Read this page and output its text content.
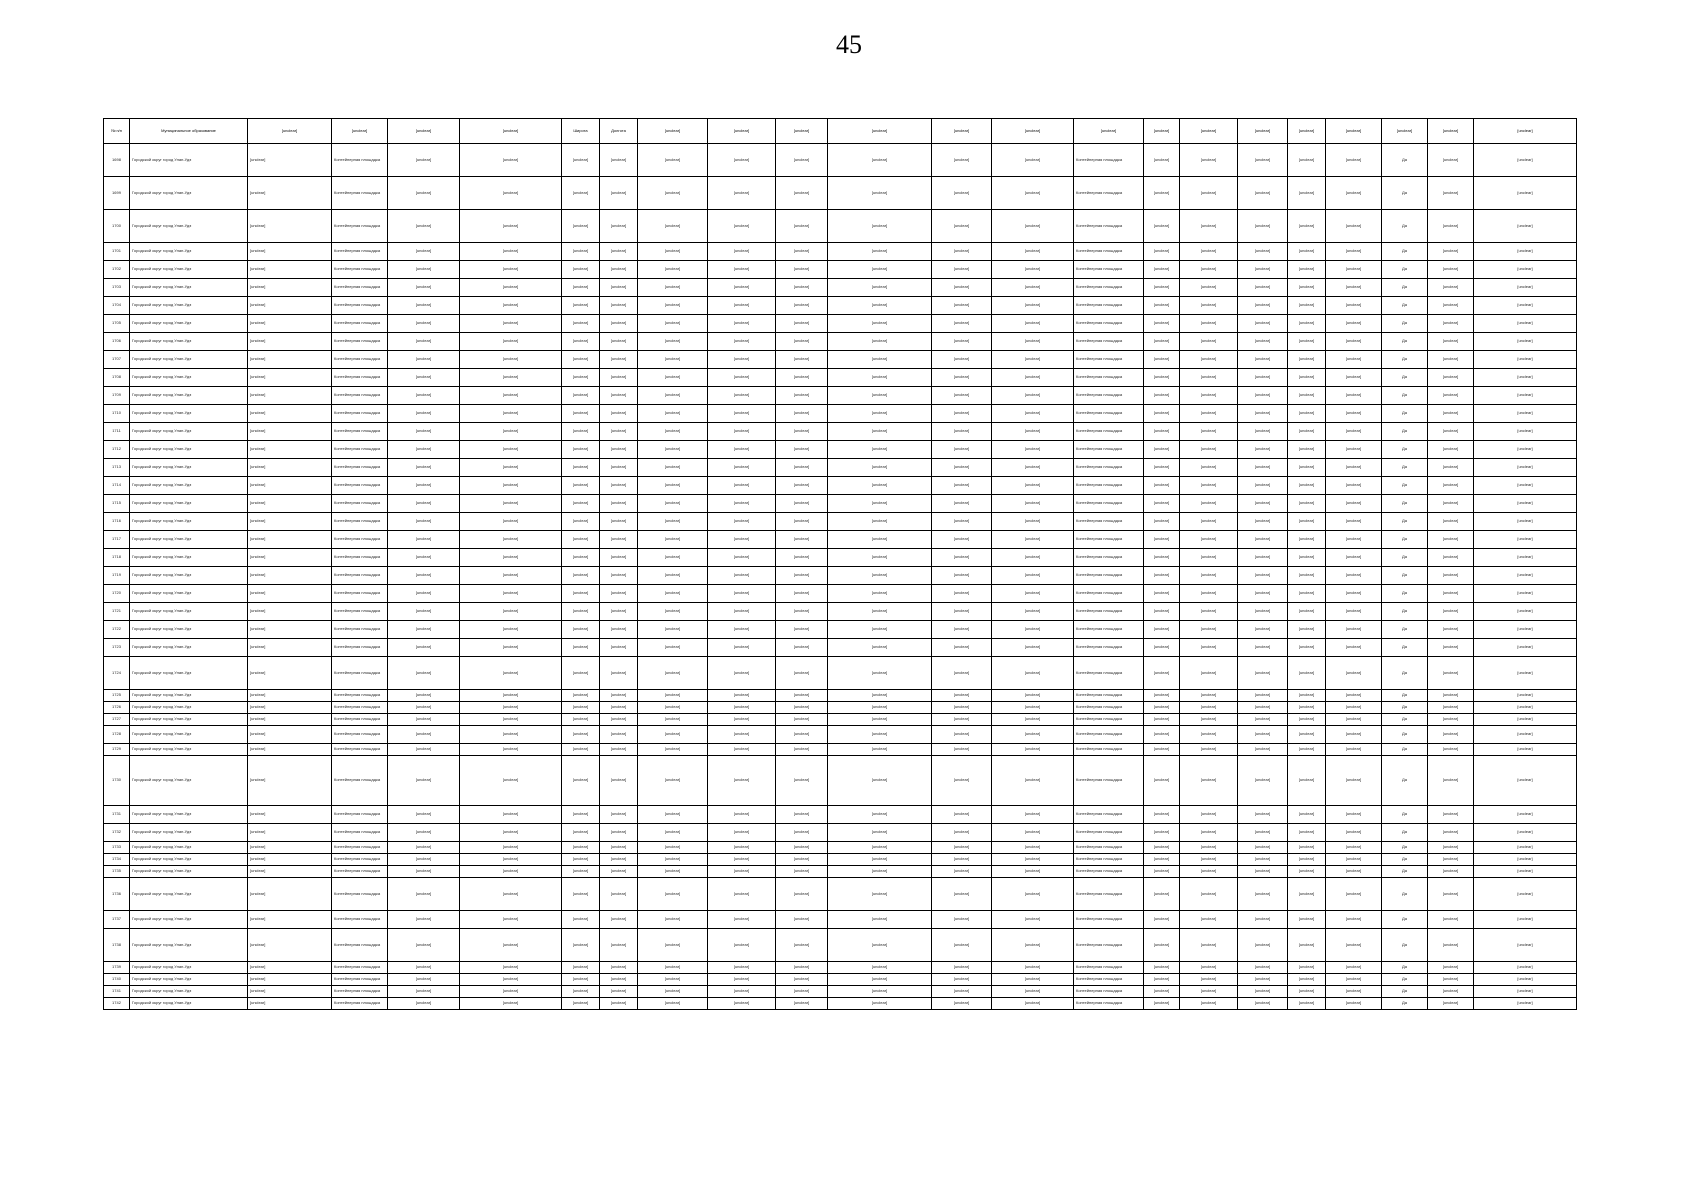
45
№ п/п	Муниципальное образование	[unclear]	[unclear]	[unclear]	[unclear]	Широта	Долгота	[unclear]	[unclear]	[unclear]	[unclear]	[unclear]	[unclear]	[unclear]	[unclear]	[unclear]	[unclear]	[unclear]	[unclear]	[unclear]	[unclear]	[unclear]	
1698	Городской округ город Улан-Удэ	[unclear]	Контейнерная площадка	[unclear]	[unclear]	[unclear]	[unclear]	[unclear]	[unclear]	[unclear]	[unclear]	[unclear]	[unclear]	Контейнерная площадка	[unclear]	[unclear]	[unclear]	[unclear]	[unclear]	Да	[unclear]	[unclear]	
1699	Городской округ город Улан-Удэ	[unclear]	Контейнерная площадка	[unclear]	[unclear]	[unclear]	[unclear]	[unclear]	[unclear]	[unclear]	[unclear]	[unclear]	[unclear]	Контейнерная площадка	[unclear]	[unclear]	[unclear]	[unclear]	[unclear]	Да	[unclear]	[unclear]	
1700	Городской округ город Улан-Удэ	[unclear]	Контейнерная площадка	[unclear]	[unclear]	[unclear]	[unclear]	[unclear]	[unclear]	[unclear]	[unclear]	[unclear]	[unclear]	Контейнерная площадка	[unclear]	[unclear]	[unclear]	[unclear]	[unclear]	Да	[unclear]	[unclear]	
1701	Городской округ город Улан-Удэ	[unclear]	Контейнерная площадка	[unclear]	[unclear]	[unclear]	[unclear]	[unclear]	[unclear]	[unclear]	[unclear]	[unclear]	[unclear]	Контейнерная площадка	[unclear]	[unclear]	[unclear]	[unclear]	[unclear]	Да	[unclear]	[unclear]	
1702	Городской округ город Улан-Удэ	[unclear]	Контейнерная площадка	[unclear]	[unclear]	[unclear]	[unclear]	[unclear]	[unclear]	[unclear]	[unclear]	[unclear]	[unclear]	Контейнерная площадка	[unclear]	[unclear]	[unclear]	[unclear]	[unclear]	Да	[unclear]	[unclear]	
1703	Городской округ город Улан-Удэ	[unclear]	Контейнерная площадка	[unclear]	[unclear]	[unclear]	[unclear]	[unclear]	[unclear]	[unclear]	[unclear]	[unclear]	[unclear]	Контейнерная площадка	[unclear]	[unclear]	[unclear]	[unclear]	[unclear]	Да	[unclear]	[unclear]	
1704	Городской округ город Улан-Удэ	[unclear]	Контейнерная площадка	[unclear]	[unclear]	[unclear]	[unclear]	[unclear]	[unclear]	[unclear]	[unclear]	[unclear]	[unclear]	Контейнерная площадка	[unclear]	[unclear]	[unclear]	[unclear]	[unclear]	Да	[unclear]	[unclear]	
1705	Городской округ город Улан-Удэ	[unclear]	Контейнерная площадка	[unclear]	[unclear]	[unclear]	[unclear]	[unclear]	[unclear]	[unclear]	[unclear]	[unclear]	[unclear]	Контейнерная площадка	[unclear]	[unclear]	[unclear]	[unclear]	[unclear]	Да	[unclear]	[unclear]	
1706	Городской округ город Улан-Удэ	[unclear]	Контейнерная площадка	[unclear]	[unclear]	[unclear]	[unclear]	[unclear]	[unclear]	[unclear]	[unclear]	[unclear]	[unclear]	Контейнерная площадка	[unclear]	[unclear]	[unclear]	[unclear]	[unclear]	Да	[unclear]	[unclear]	
1707	Городской округ город Улан-Удэ	[unclear]	Контейнерная площадка	[unclear]	[unclear]	[unclear]	[unclear]	[unclear]	[unclear]	[unclear]	[unclear]	[unclear]	[unclear]	Контейнерная площадка	[unclear]	[unclear]	[unclear]	[unclear]	[unclear]	Да	[unclear]	[unclear]	
1708	Городской округ город Улан-Удэ	[unclear]	Контейнерная площадка	[unclear]	[unclear]	[unclear]	[unclear]	[unclear]	[unclear]	[unclear]	[unclear]	[unclear]	[unclear]	Контейнерная площадка	[unclear]	[unclear]	[unclear]	[unclear]	[unclear]	Да	[unclear]	[unclear]	
1709	Городской округ город Улан-Удэ	[unclear]	Контейнерная площадка	[unclear]	[unclear]	[unclear]	[unclear]	[unclear]	[unclear]	[unclear]	[unclear]	[unclear]	[unclear]	Контейнерная площадка	[unclear]	[unclear]	[unclear]	[unclear]	[unclear]	Да	[unclear]	[unclear]	
1710	Городской округ город Улан-Удэ	[unclear]	Контейнерная площадка	[unclear]	[unclear]	[unclear]	[unclear]	[unclear]	[unclear]	[unclear]	[unclear]	[unclear]	[unclear]	Контейнерная площадка	[unclear]	[unclear]	[unclear]	[unclear]	[unclear]	Да	[unclear]	[unclear]	
1711	Городской округ город Улан-Удэ	[unclear]	Контейнерная площадка	[unclear]	[unclear]	[unclear]	[unclear]	[unclear]	[unclear]	[unclear]	[unclear]	[unclear]	[unclear]	Контейнерная площадка	[unclear]	[unclear]	[unclear]	[unclear]	[unclear]	Да	[unclear]	[unclear]	
1712	Городской округ город Улан-Удэ	[unclear]	Контейнерная площадка	[unclear]	[unclear]	[unclear]	[unclear]	[unclear]	[unclear]	[unclear]	[unclear]	[unclear]	[unclear]	Контейнерная площадка	[unclear]	[unclear]	[unclear]	[unclear]	[unclear]	Да	[unclear]	[unclear]	
1713	Городской округ город Улан-Удэ	[unclear]	Контейнерная площадка	[unclear]	[unclear]	[unclear]	[unclear]	[unclear]	[unclear]	[unclear]	[unclear]	[unclear]	[unclear]	Контейнерная площадка	[unclear]	[unclear]	[unclear]	[unclear]	[unclear]	Да	[unclear]	[unclear]	
1714	Городской округ город Улан-Удэ	[unclear]	Контейнерная площадка	[unclear]	[unclear]	[unclear]	[unclear]	[unclear]	[unclear]	[unclear]	[unclear]	[unclear]	[unclear]	Контейнерная площадка	[unclear]	[unclear]	[unclear]	[unclear]	[unclear]	Да	[unclear]	[unclear]	
1715	Городской округ город Улан-Удэ	[unclear]	Контейнерная площадка	[unclear]	[unclear]	[unclear]	[unclear]	[unclear]	[unclear]	[unclear]	[unclear]	[unclear]	[unclear]	Контейнерная площадка	[unclear]	[unclear]	[unclear]	[unclear]	[unclear]	Да	[unclear]	[unclear]	
1716	Городской округ город Улан-Удэ	[unclear]	Контейнерная площадка	[unclear]	[unclear]	[unclear]	[unclear]	[unclear]	[unclear]	[unclear]	[unclear]	[unclear]	[unclear]	Контейнерная площадка	[unclear]	[unclear]	[unclear]	[unclear]	[unclear]	Да	[unclear]	[unclear]	
1717	Городской округ город Улан-Удэ	[unclear]	Контейнерная площадка	[unclear]	[unclear]	[unclear]	[unclear]	[unclear]	[unclear]	[unclear]	[unclear]	[unclear]	[unclear]	Контейнерная площадка	[unclear]	[unclear]	[unclear]	[unclear]	[unclear]	Да	[unclear]	[unclear]	
1718	Городской округ город Улан-Удэ	[unclear]	Контейнерная площадка	[unclear]	[unclear]	[unclear]	[unclear]	[unclear]	[unclear]	[unclear]	[unclear]	[unclear]	[unclear]	Контейнерная площадка	[unclear]	[unclear]	[unclear]	[unclear]	[unclear]	Да	[unclear]	[unclear]	
1719	Городской округ город Улан-Удэ	[unclear]	Контейнерная площадка	[unclear]	[unclear]	[unclear]	[unclear]	[unclear]	[unclear]	[unclear]	[unclear]	[unclear]	[unclear]	Контейнерная площадка	[unclear]	[unclear]	[unclear]	[unclear]	[unclear]	Да	[unclear]	[unclear]	
1720	Городской округ город Улан-Удэ	[unclear]	Контейнерная площадка	[unclear]	[unclear]	[unclear]	[unclear]	[unclear]	[unclear]	[unclear]	[unclear]	[unclear]	[unclear]	Контейнерная площадка	[unclear]	[unclear]	[unclear]	[unclear]	[unclear]	Да	[unclear]	[unclear]	
1721	Городской округ город Улан-Удэ	[unclear]	Контейнерная площадка	[unclear]	[unclear]	[unclear]	[unclear]	[unclear]	[unclear]	[unclear]	[unclear]	[unclear]	[unclear]	Контейнерная площадка	[unclear]	[unclear]	[unclear]	[unclear]	[unclear]	Да	[unclear]	[unclear]	
1722	Городской округ город Улан-Удэ	[unclear]	Контейнерная площадка	[unclear]	[unclear]	[unclear]	[unclear]	[unclear]	[unclear]	[unclear]	[unclear]	[unclear]	[unclear]	Контейнерная площадка	[unclear]	[unclear]	[unclear]	[unclear]	[unclear]	Да	[unclear]	[unclear]	
1723	Городской округ город Улан-Удэ	[unclear]	Контейнерная площадка	[unclear]	[unclear]	[unclear]	[unclear]	[unclear]	[unclear]	[unclear]	[unclear]	[unclear]	[unclear]	Контейнерная площадка	[unclear]	[unclear]	[unclear]	[unclear]	[unclear]	Да	[unclear]	[unclear]	
1724	Городской округ город Улан-Удэ	[unclear]	Контейнерная площадка	[unclear]	[unclear]	[unclear]	[unclear]	[unclear]	[unclear]	[unclear]	[unclear]	[unclear]	[unclear]	Контейнерная площадка	[unclear]	[unclear]	[unclear]	[unclear]	[unclear]	Да	[unclear]	[unclear]	
1725	Городской округ город Улан-Удэ	[unclear]	Контейнерная площадка	[unclear]	[unclear]	[unclear]	[unclear]	[unclear]	[unclear]	[unclear]	[unclear]	[unclear]	[unclear]	Контейнерная площадка	[unclear]	[unclear]	[unclear]	[unclear]	[unclear]	Да	[unclear]	[unclear]	
1726	Городской округ город Улан-Удэ	[unclear]	Контейнерная площадка	[unclear]	[unclear]	[unclear]	[unclear]	[unclear]	[unclear]	[unclear]	[unclear]	[unclear]	[unclear]	Контейнерная площадка	[unclear]	[unclear]	[unclear]	[unclear]	[unclear]	Да	[unclear]	[unclear]	
1727	Городской округ город Улан-Удэ	[unclear]	Контейнерная площадка	[unclear]	[unclear]	[unclear]	[unclear]	[unclear]	[unclear]	[unclear]	[unclear]	[unclear]	[unclear]	Контейнерная площадка	[unclear]	[unclear]	[unclear]	[unclear]	[unclear]	Да	[unclear]	[unclear]	
1728	Городской округ город Улан-Удэ	[unclear]	Контейнерная площадка	[unclear]	[unclear]	[unclear]	[unclear]	[unclear]	[unclear]	[unclear]	[unclear]	[unclear]	[unclear]	Контейнерная площадка	[unclear]	[unclear]	[unclear]	[unclear]	[unclear]	Да	[unclear]	[unclear]	
1729	Городской округ город Улан-Удэ	[unclear]	Контейнерная площадка	[unclear]	[unclear]	[unclear]	[unclear]	[unclear]	[unclear]	[unclear]	[unclear]	[unclear]	[unclear]	Контейнерная площадка	[unclear]	[unclear]	[unclear]	[unclear]	[unclear]	Да	[unclear]	[unclear]	
1730	Городской округ город Улан-Удэ	[unclear]	Контейнерная площадка	[unclear]	[unclear]	[unclear]	[unclear]	[unclear]	[unclear]	[unclear]	[unclear]	[unclear]	[unclear]	Контейнерная площадка	[unclear]	[unclear]	[unclear]	[unclear]	[unclear]	Да	[unclear]	[unclear]	
1731	Городской округ город Улан-Удэ	[unclear]	Контейнерная площадка	[unclear]	[unclear]	[unclear]	[unclear]	[unclear]	[unclear]	[unclear]	[unclear]	[unclear]	[unclear]	Контейнерная площадка	[unclear]	[unclear]	[unclear]	[unclear]	[unclear]	Да	[unclear]	[unclear]	
1732	Городской округ город Улан-Удэ	[unclear]	Контейнерная площадка	[unclear]	[unclear]	[unclear]	[unclear]	[unclear]	[unclear]	[unclear]	[unclear]	[unclear]	[unclear]	Контейнерная площадка	[unclear]	[unclear]	[unclear]	[unclear]	[unclear]	Да	[unclear]	[unclear]	
1733	Городской округ город Улан-Удэ	[unclear]	Контейнерная площадка	[unclear]	[unclear]	[unclear]	[unclear]	[unclear]	[unclear]	[unclear]	[unclear]	[unclear]	[unclear]	Контейнерная площадка	[unclear]	[unclear]	[unclear]	[unclear]	[unclear]	Да	[unclear]	[unclear]	
1734	Городской округ город Улан-Удэ	[unclear]	Контейнерная площадка	[unclear]	[unclear]	[unclear]	[unclear]	[unclear]	[unclear]	[unclear]	[unclear]	[unclear]	[unclear]	Контейнерная площадка	[unclear]	[unclear]	[unclear]	[unclear]	[unclear]	Да	[unclear]	[unclear]	
1735	Городской округ город Улан-Удэ	[unclear]	Контейнерная площадка	[unclear]	[unclear]	[unclear]	[unclear]	[unclear]	[unclear]	[unclear]	[unclear]	[unclear]	[unclear]	Контейнерная площадка	[unclear]	[unclear]	[unclear]	[unclear]	[unclear]	Да	[unclear]	[unclear]	
1736	Городской округ город Улан-Удэ	[unclear]	Контейнерная площадка	[unclear]	[unclear]	[unclear]	[unclear]	[unclear]	[unclear]	[unclear]	[unclear]	[unclear]	[unclear]	Контейнерная площадка	[unclear]	[unclear]	[unclear]	[unclear]	[unclear]	Да	[unclear]	[unclear]	
1737	Городской округ город Улан-Удэ	[unclear]	Контейнерная площадка	[unclear]	[unclear]	[unclear]	[unclear]	[unclear]	[unclear]	[unclear]	[unclear]	[unclear]	[unclear]	Контейнерная площадка	[unclear]	[unclear]	[unclear]	[unclear]	[unclear]	Да	[unclear]	[unclear]	
1738	Городской округ город Улан-Удэ	[unclear]	Контейнерная площадка	[unclear]	[unclear]	[unclear]	[unclear]	[unclear]	[unclear]	[unclear]	[unclear]	[unclear]	[unclear]	Контейнерная площадка	[unclear]	[unclear]	[unclear]	[unclear]	[unclear]	Да	[unclear]	[unclear]	
1739	Городской округ город Улан-Удэ	[unclear]	Контейнерная площадка	[unclear]	[unclear]	[unclear]	[unclear]	[unclear]	[unclear]	[unclear]	[unclear]	[unclear]	[unclear]	Контейнерная площадка	[unclear]	[unclear]	[unclear]	[unclear]	[unclear]	Да	[unclear]	[unclear]	
1740	Городской округ город Улан-Удэ	[unclear]	Контейнерная площадка	[unclear]	[unclear]	[unclear]	[unclear]	[unclear]	[unclear]	[unclear]	[unclear]	[unclear]	[unclear]	Контейнерная площадка	[unclear]	[unclear]	[unclear]	[unclear]	[unclear]	Да	[unclear]	[unclear]	
1741	Городской округ город Улан-Удэ	[unclear]	Контейнерная площадка	[unclear]	[unclear]	[unclear]	[unclear]	[unclear]	[unclear]	[unclear]	[unclear]	[unclear]	[unclear]	Контейнерная площадка	[unclear]	[unclear]	[unclear]	[unclear]	[unclear]	Да	[unclear]	[unclear]	
1742	Городской округ город Улан-Удэ	[unclear]	Контейнерная площадка	[unclear]	[unclear]	[unclear]	[unclear]	[unclear]	[unclear]	[unclear]	[unclear]	[unclear]	[unclear]	Контейнерная площадка	[unclear]	[unclear]	[unclear]	[unclear]	[unclear]	Да	[unclear]	[unclear]	
